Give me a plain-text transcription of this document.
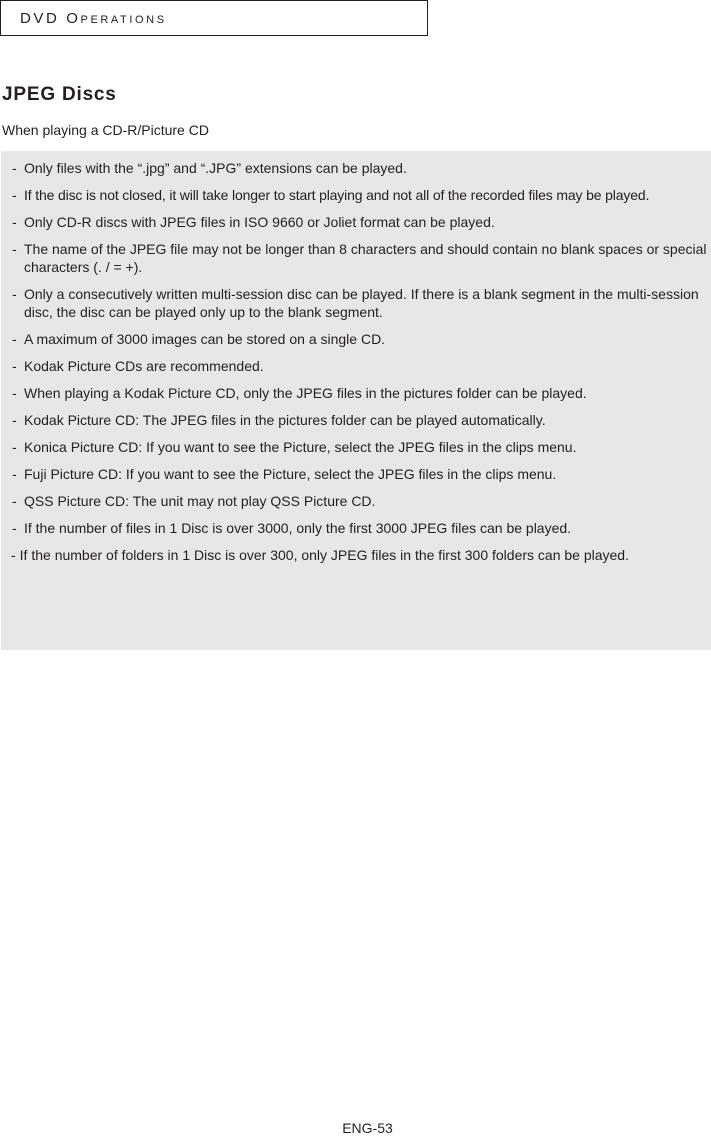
DVD Operations
JPEG Discs

When playing a CD-R/Picture CD

- Only files with the “.jpg” and “.JPG” extensions can be played.
- If the disc is not closed, it will take longer to start playing and not all of the recorded files may be played.
- Only CD-R discs with JPEG files in ISO 9660 or Joliet format can be played.
- The name of the JPEG file may not be longer than 8 characters and should contain no blank spaces or special characters (. / = +).
- Only a consecutively written multi-session disc can be played. If there is a blank segment in the multi-session disc, the disc can be played only up to the blank segment.
- A maximum of 3000 images can be stored on a single CD.
- Kodak Picture CDs are recommended.
- When playing a Kodak Picture CD, only the JPEG files in the pictures folder can be played.
- Kodak Picture CD: The JPEG files in the pictures folder can be played automatically.
- Konica Picture CD: If you want to see the Picture, select the JPEG files in the clips menu.
- Fuji Picture CD: If you want to see the Picture, select the JPEG files in the clips menu.
- QSS Picture CD: The unit may not play QSS Picture CD.
- If the number of files in 1 Disc is over 3000, only the first 3000 JPEG files can be played.
- If the number of folders in 1 Disc is over 300, only JPEG files in the first 300 folders can be played.
ENG-53
